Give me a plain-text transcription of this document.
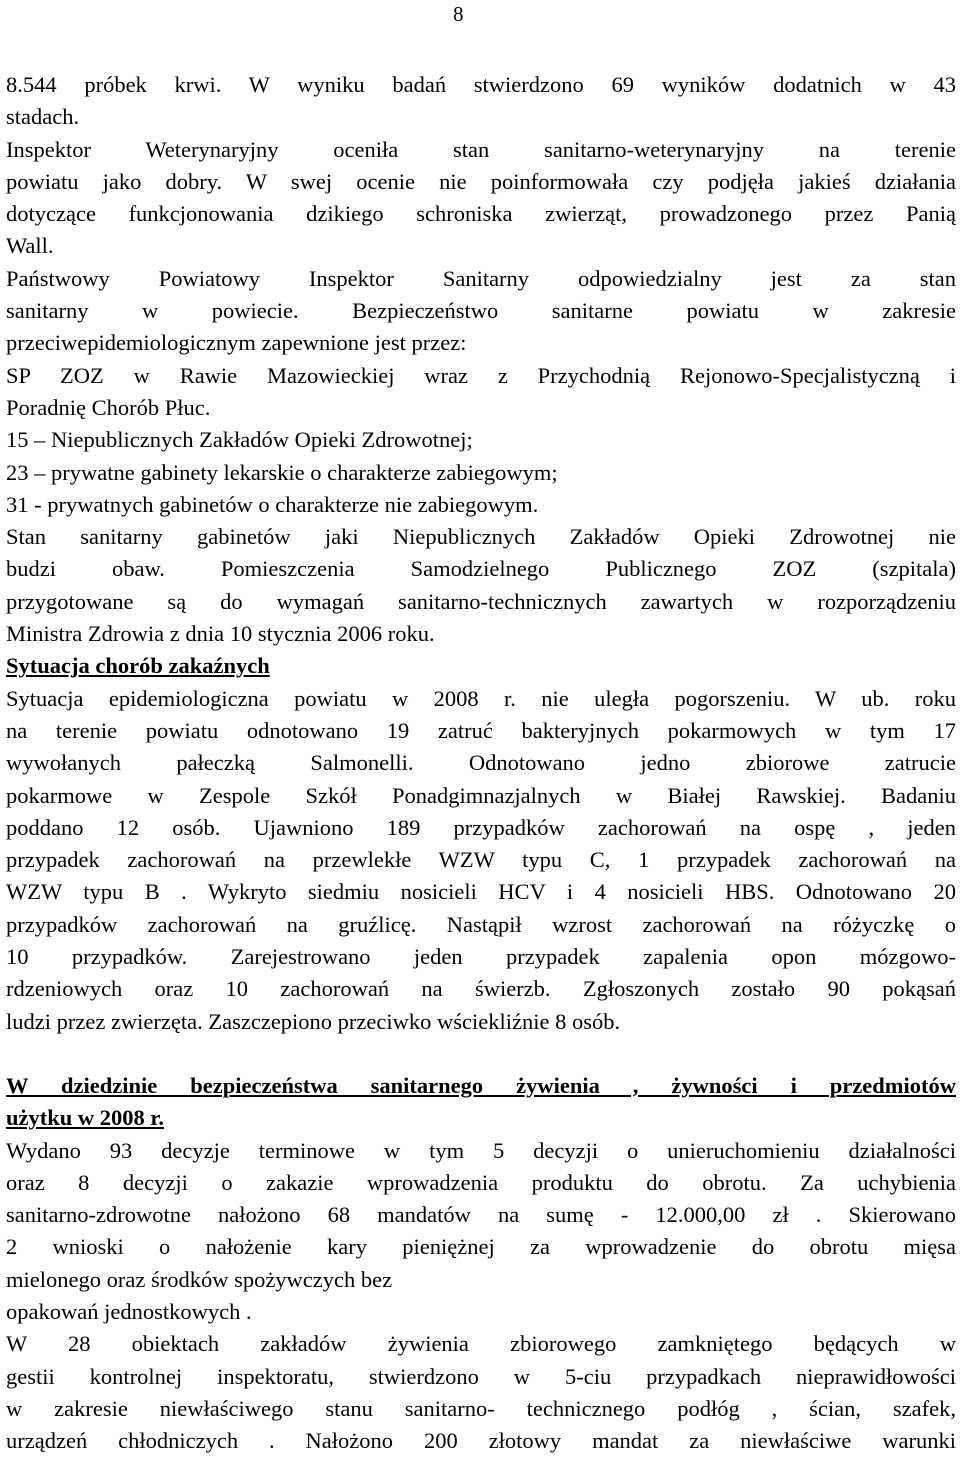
8
8.544 próbek krwi. W wyniku badań stwierdzono 69 wyników dodatnich w 43
stadach.
Inspektor Weterynaryjny oceniła stan sanitarno-weterynaryjny na terenie
powiatu jako dobry. W swej ocenie nie poinformowała czy podjęła jakieś działania
dotyczące funkcjonowania dzikiego schroniska zwierząt, prowadzonego przez Panią
Wall.
Państwowy Powiatowy Inspektor Sanitarny odpowiedzialny jest za stan
sanitarny w powiecie. Bezpieczeństwo sanitarne powiatu w zakresie
przeciwepidemiologicznym zapewnione jest przez:
SP ZOZ w Rawie Mazowieckiej wraz z Przychodnią Rejonowo-Specjalistyczną i
Poradnię Chorób Płuc.
15 – Niepublicznych Zakładów Opieki Zdrowotnej;
23 – prywatne gabinety lekarskie o charakterze zabiegowym;
31 - prywatnych gabinetów o charakterze nie zabiegowym.
Stan sanitarny gabinetów jaki Niepublicznych Zakładów Opieki Zdrowotnej nie
budzi obaw. Pomieszczenia Samodzielnego Publicznego ZOZ (szpitala)
przygotowane są do wymagań sanitarno-technicznych zawartych w rozporządzeniu
Ministra Zdrowia z dnia 10 stycznia 2006 roku.
Sytuacja chorób zakaźnych
Sytuacja epidemiologiczna powiatu w 2008 r. nie uległa pogorszeniu. W ub. roku
na terenie powiatu odnotowano 19 zatruć bakteryjnych pokarmowych w tym 17
wywołanych pałeczką Salmonelli. Odnotowano jedno zbiorowe zatrucie
pokarmowe w Zespole Szkół Ponadgimnazjalnych w Białej Rawskiej. Badaniu
poddano 12 osób. Ujawniono 189 przypadków zachorowań na ospę , jeden
przypadek zachorowań na przewlekłe WZW typu C, 1 przypadek zachorowań na
WZW typu B . Wykryto siedmiu nosicieli HCV i 4 nosicieli HBS. Odnotowano 20
przypadków zachorowań na gruźlicę. Nastąpił wzrost zachorowań na różyczkę o
10 przypadków. Zarejestrowano jeden przypadek zapalenia opon mózgowo-
rdzeniowych oraz 10 zachorowań na świerzb. Zgłoszonych zostało 90 pokąsań
ludzi przez zwierzęta. Zaszczepiono przeciwko wściekliźnie 8 osób.
W dziedzinie bezpieczeństwa sanitarnego żywienia , żywności i przedmiotów
użytku w 2008 r.
Wydano 93 decyzje terminowe w tym 5 decyzji o unieruchomieniu działalności
oraz 8 decyzji o zakazie wprowadzenia produktu do obrotu. Za uchybienia
sanitarno-zdrowotne nałożono 68 mandatów na sumę - 12.000,00 zł . Skierowano
2 wnioski o nałożenie kary pieniężnej za wprowadzenie do obrotu mięsa
mielonego oraz środków spożywczych bez
opakowań jednostkowych .
W 28 obiektach zakładów żywienia zbiorowego zamkniętego będących w
gestii kontrolnej inspektoratu, stwierdzono w 5-ciu przypadkach nieprawidłowości
w zakresie niewłaściwego stanu sanitarno- technicznego podłóg , ścian, szafek,
urządzeń chłodniczych . Nałożono 200 złotowy mandat za niewłaściwe warunki
